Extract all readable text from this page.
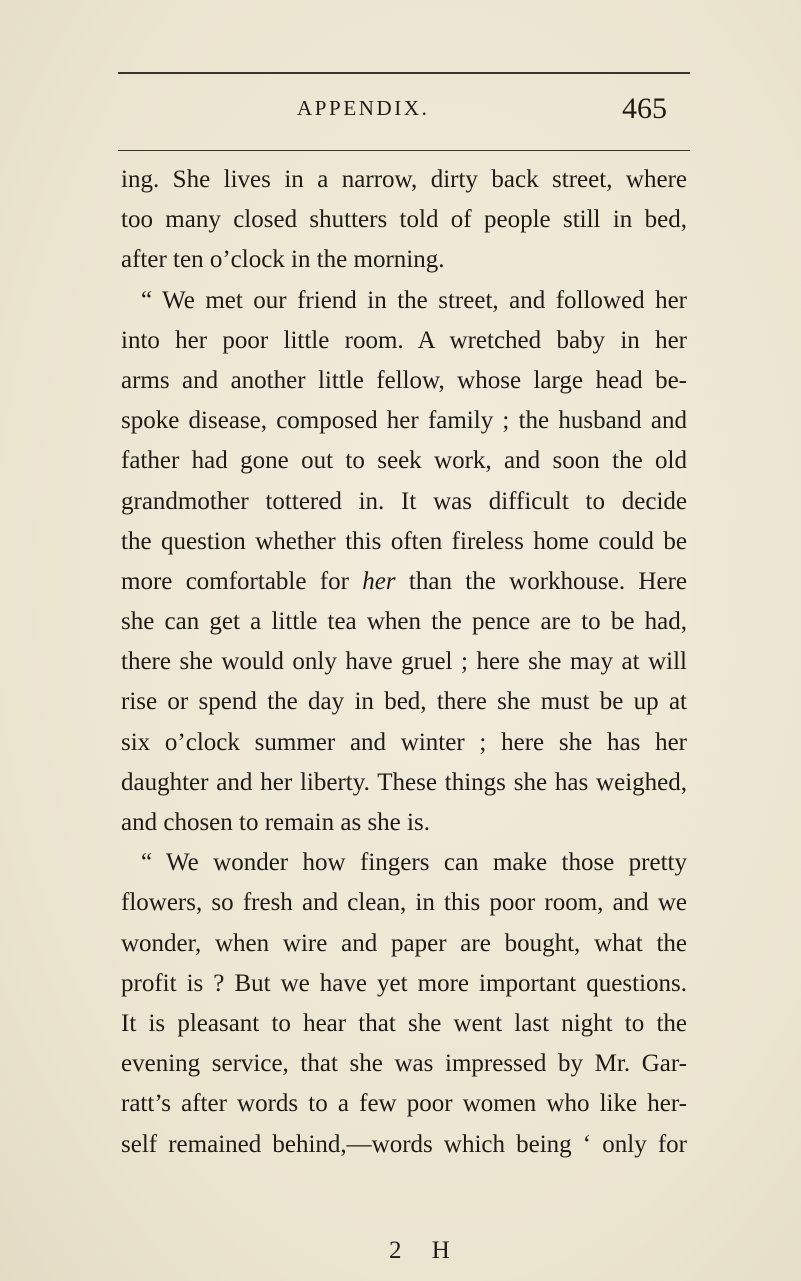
APPENDIX.	465
ing. She lives in a narrow, dirty back street, where
too many closed shutters told of people still in bed,
after ten o’clock in the morning.
“ We met our friend in the street, and followed her
into her poor little room. A wretched baby in her
arms and another little fellow, whose large head be-
spoke disease, composed her family ; the husband and
father had gone out to seek work, and soon the old
grandmother tottered in. It was difficult to decide
the question whether this often fireless home could be
more comfortable for her than the workhouse. Here
she can get a little tea when the pence are to be had,
there she would only have gruel ; here she may at will
rise or spend the day in bed, there she must be up at
six o’clock summer and winter ; here she has her
daughter and her liberty. These things she has weighed,
and chosen to remain as she is.
“ We wonder how fingers can make those pretty
flowers, so fresh and clean, in this poor room, and we
wonder, when wire and paper are bought, what the
profit is ? But we have yet more important questions.
It is pleasant to hear that she went last night to the
evening service, that she was impressed by Mr. Gar-
ratt’s after words to a few poor women who like her-
self remained behind,—words which being ‘ only for
2 H
